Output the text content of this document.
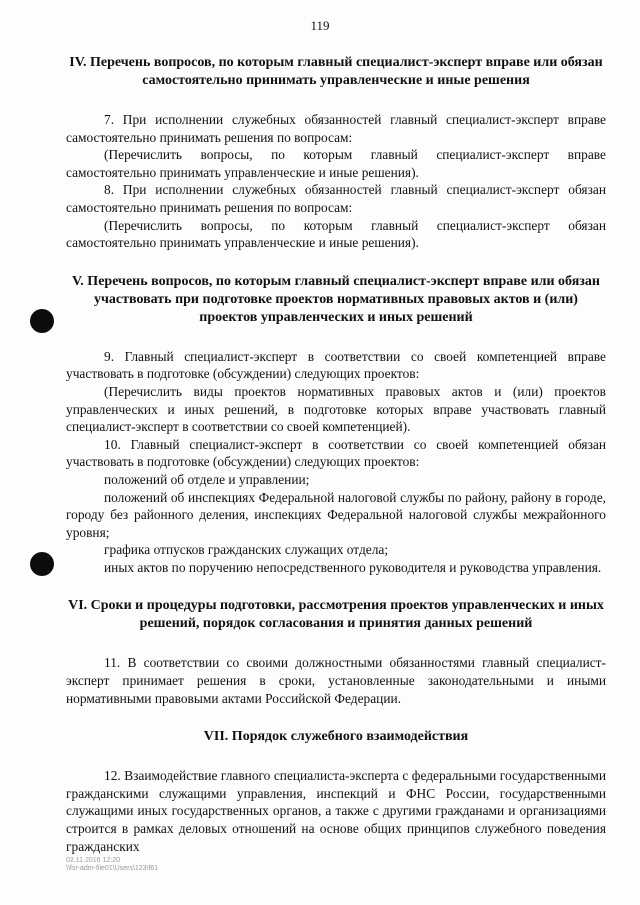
119
IV. Перечень вопросов, по которым главный специалист-эксперт вправе или обязан самостоятельно принимать управленческие и иные решения

7. При исполнении служебных обязанностей главный специалист-эксперт вправе самостоятельно принимать решения по вопросам:

(Перечислить вопросы, по которым главный специалист-эксперт вправе самостоятельно принимать управленческие и иные решения).

8. При исполнении служебных обязанностей главный специалист-эксперт обязан самостоятельно принимать решения по вопросам:

(Перечислить вопросы, по которым главный специалист-эксперт обязан самостоятельно принимать управленческие и иные решения).

V. Перечень вопросов, по которым главный специалист-эксперт вправе или обязан участвовать при подготовке проектов нормативных правовых актов и (или) проектов управленческих и иных решений

9. Главный специалист-эксперт в соответствии со своей компетенцией вправе участвовать в подготовке (обсуждении) следующих проектов:

(Перечислить виды проектов нормативных правовых актов и (или) проектов управленческих и иных решений, в подготовке которых вправе участвовать главный специалист-эксперт в соответствии со своей компетенцией).

10. Главный специалист-эксперт в соответствии со своей компетенцией обязан участвовать в подготовке (обсуждении) следующих проектов:

положений об отделе и управлении;

положений об инспекциях Федеральной налоговой службы по району, району в городе, городу без районного деления, инспекциях Федеральной налоговой службы межрайонного уровня;

графика отпусков гражданских служащих отдела;

иных актов по поручению непосредственного руководителя и руководства управления.

VI. Сроки и процедуры подготовки, рассмотрения проектов управленческих и иных решений, порядок согласования и принятия данных решений

11. В соответствии со своими должностными обязанностями главный специалист-эксперт принимает решения в сроки, установленные законодательными и иными нормативными правовыми актами Российской Федерации.

VII. Порядок служебного взаимодействия

12. Взаимодействие главного специалиста-эксперта с федеральными государственными гражданскими служащими управления, инспекций и ФНС России, государственными служащими иных государственных органов, а также с другими гражданами и организациями строится в рамках деловых отношений на основе общих принципов служебного поведения гражданских

02.11.2016 12:20
\\fsr-adm-file01\Users\123\f61
